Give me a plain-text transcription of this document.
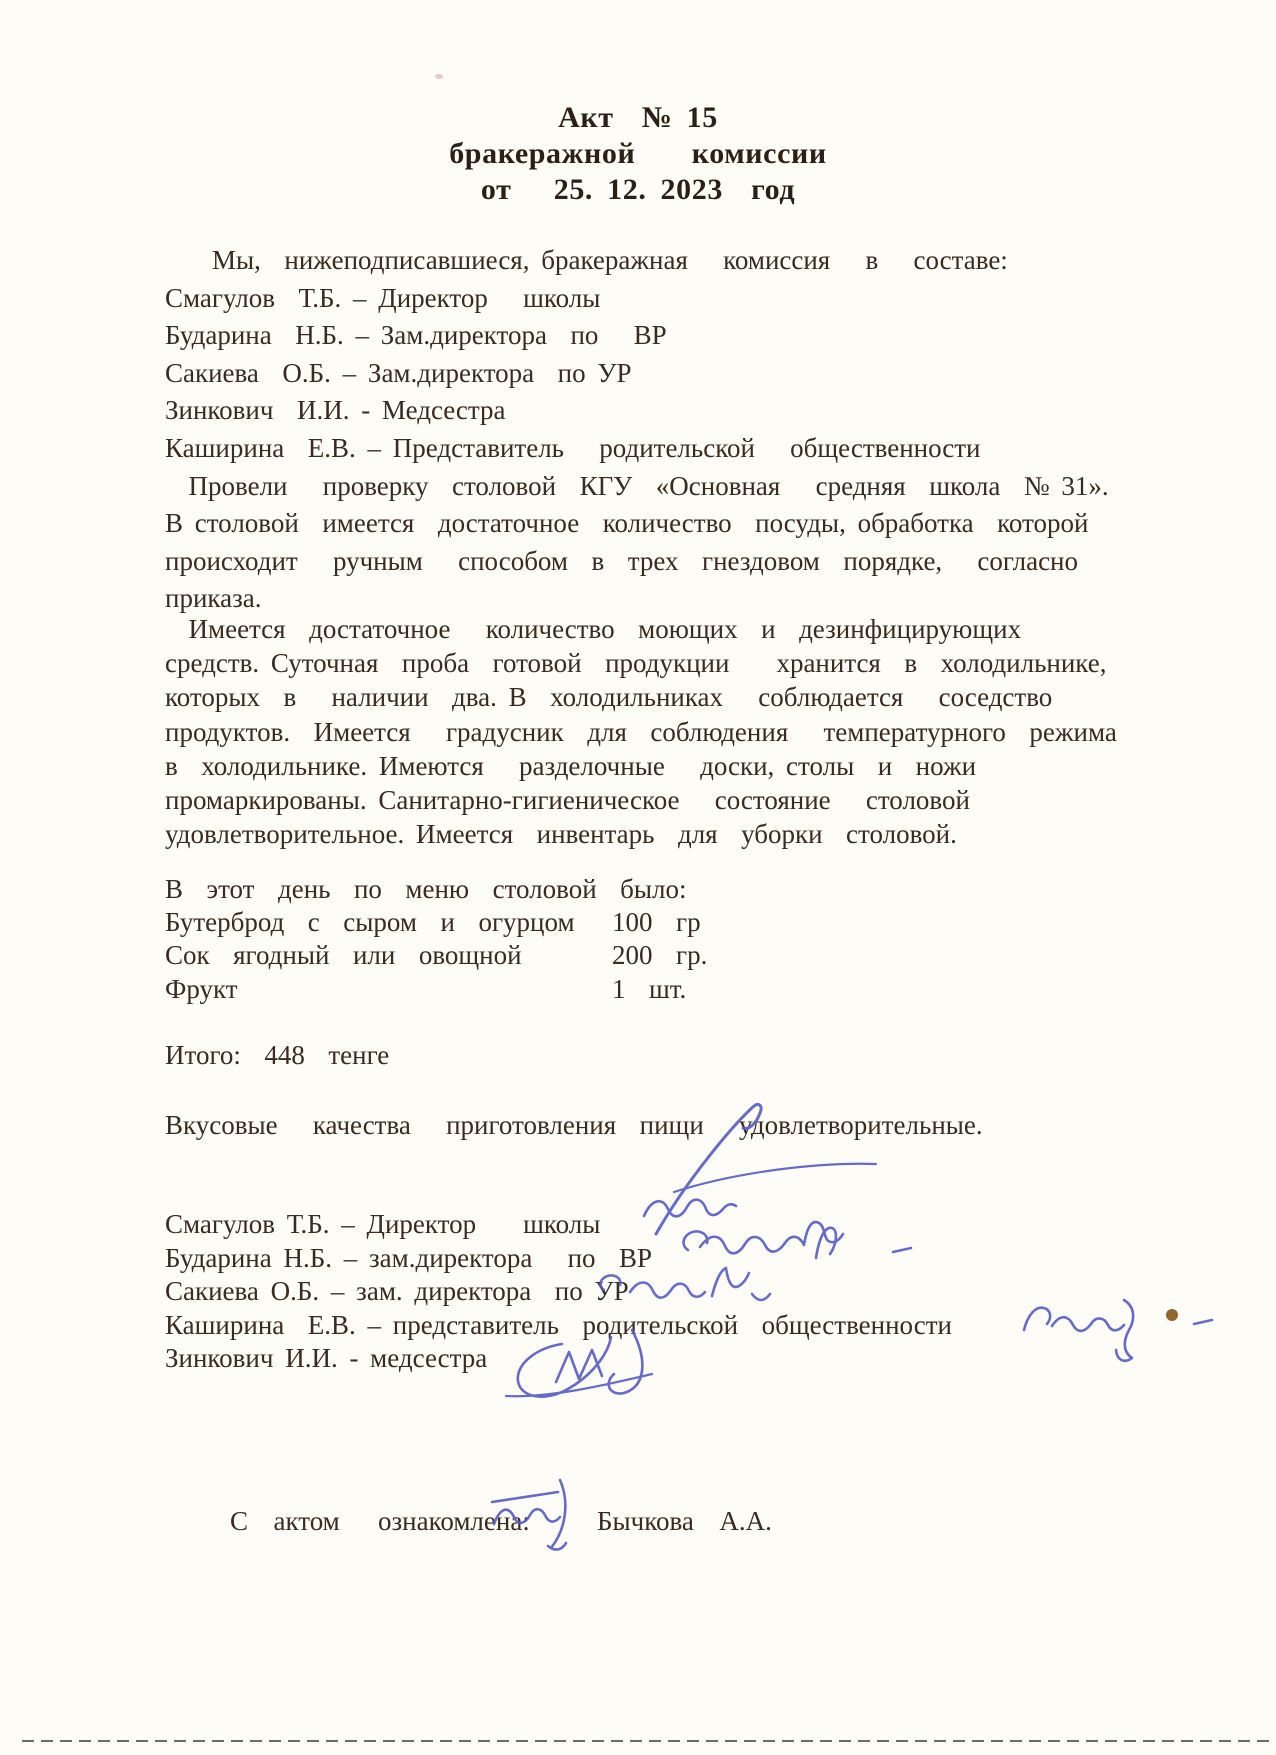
Акт  № 15
бракеражной    комиссии
от   25. 12. 2023  год
Мы,  нижеподписавшиеся, бракеражная   комиссия   в   составе:
Смагулов  Т.Б. – Директор   школы
Бударина  Н.Б. – Зам.директора  по   ВР
Сакиева  О.Б. – Зам.директора  по УР
Зинкович  И.И. - Медсестра
Каширина  Е.В. – Представитель   родительской   общественности
Провели   проверку  столовой  КГУ  «Основная   средняя  школа  № 31».
В столовой  имеется  достаточное  количество  посуды, обработка  которой
происходит   ручным   способом  в  трех  гнездовом  порядке,   согласно
приказа.
Имеется  достаточное   количество  моющих  и  дезинфицирующих
средств. Суточная  проба  готовой  продукции    хранится  в  холодильнике,
которых  в   наличии  два. В  холодильниках   соблюдается   соседство
продуктов.  Имеется   градусник  для  соблюдения   температурного  режима
в  холодильнике. Имеются   разделочные   доски, столы  и  ножи
промаркированы. Санитарно-гигиеническое   состояние   столовой
удовлетворительное. Имеется  инвентарь  для  уборки  столовой.
В  этот  день  по  меню  столовой  было:
Бутерброд  с  сыром  и  огурцом 100  гр
Сок  ягодный  или  овощной	200  гр.
Фрукт	1  шт.
Итого:  448  тенге
Вкусовые   качества   приготовления  пищи   удовлетворительные.
Смагулов Т.Б. – Директор    школы
Бударина Н.Б. – зам.директора   по  ВР
Сакиева О.Б. – зам. директора  по УР
Каширина  Е.В. – представитель  родительской  общественности
Зинкович И.И. - медсестра
С  актом   ознакомлена: Бычкова  А.А.
